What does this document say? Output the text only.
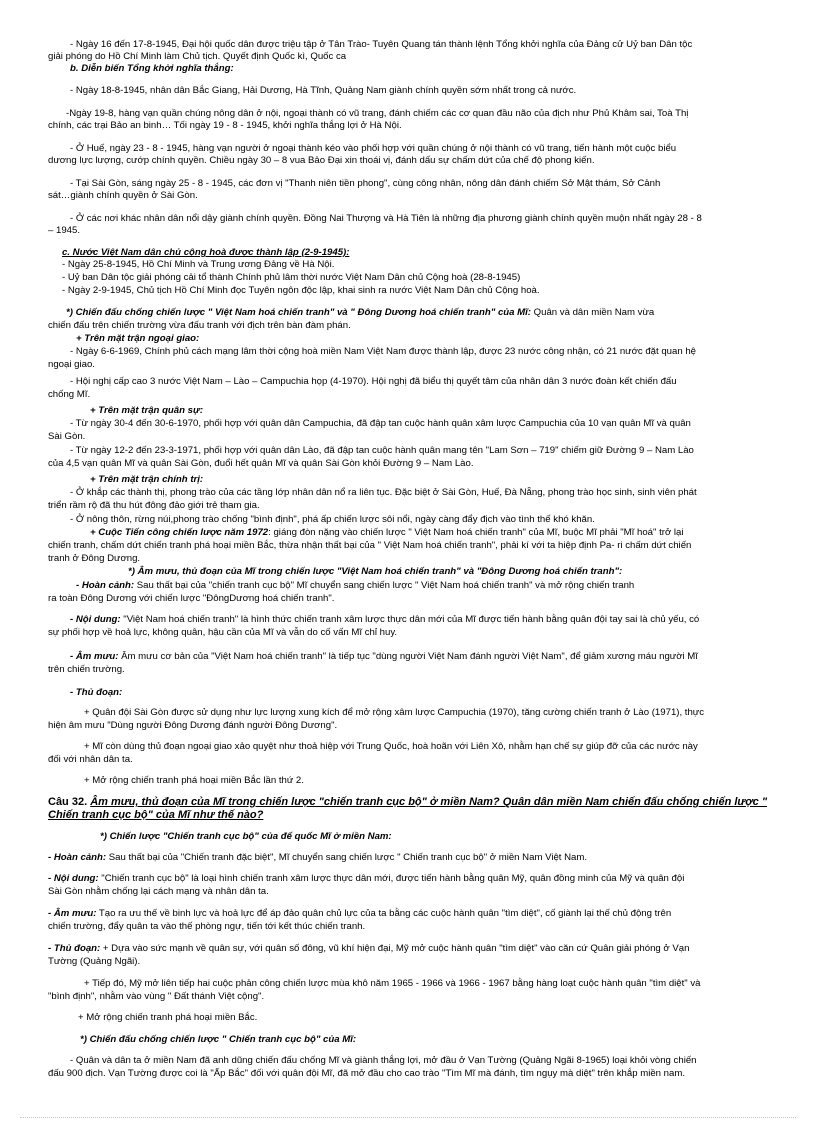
- Ngày 16 đến 17-8-1945, Đại hội quốc dân được triệu tập ở Tân Trào- Tuyên Quang tán thành lệnh Tổng khởi nghĩa của Đảng cử Uỷ ban Dân tộc
giải phóng do Hồ Chí Minh làm Chủ tịch. Quyết định Quốc kì, Quốc ca
b. Diễn biến Tổng khởi nghĩa thắng:
- Ngày 18-8-1945, nhân dân Bắc Giang, Hải Dương, Hà Tĩnh, Quảng Nam giành chính quyền sớm nhất trong cả nước.
-Ngày 19-8, hàng vạn quần chúng nông dân ở nội, ngoại thành có vũ trang, đánh chiếm các cơ quan đầu não của địch như Phủ Khâm sai, Toà Thị
chính, các trại Bảo an binh… Tối ngày 19 - 8 - 1945, khởi nghĩa thắng lợi ở Hà Nội.
- Ở Huế, ngày 23 - 8 - 1945, hàng vạn người ở ngoại thành kéo vào phối hợp với quần chúng ở nội thành có vũ trang, tiến hành một cuộc biểu
dương lực lượng, cướp chính quyền. Chiều ngày 30 – 8 vua Bảo Đại xin thoái vị, đánh dấu sự chấm dứt của chế độ phong kiến.
- Tại Sài Gòn, sáng ngày 25 - 8 - 1945, các đơn vị "Thanh niên tiền phong", cùng công nhân, nông dân đánh chiếm Sở Mật thám, Sở Cảnh
sát…giành chính quyền ở Sài Gòn.
- Ở các nơi khác nhân dân nổi dậy giành chính quyền. Đồng Nai Thượng và Hà Tiên là những địa phương giành chính quyền muộn nhất ngày 28 - 8
– 1945.
c. Nước Việt Nam dân chủ cộng hoà được thành lập (2-9-1945):
- Ngày 25-8-1945, Hồ Chí Minh và Trung ương Đảng về Hà Nội.
- Uỷ ban Dân tộc giải phóng cải tổ thành Chính phủ lâm thời nước Việt Nam Dân chủ Cộng hoà (28-8-1945)
- Ngày 2-9-1945, Chủ tịch Hồ Chí Minh đọc Tuyên ngôn độc lập, khai sinh ra nước Việt Nam Dân chủ Cộng hoà.
*) Chiến đấu chống chiến lược " Việt Nam hoá chiến tranh" và " Đông Dương hoá chiến tranh" của Mĩ: Quân và dân miền Nam vừa
chiến đấu trên chiến trường vừa đấu tranh với địch trên bàn đàm phán.
+ Trên mặt trận ngoại giao:
- Ngày 6-6-1969, Chính phủ cách mạng lâm thời cộng hoà miền Nam Việt Nam được thành lập, được 23 nước công nhận, có 21 nước đặt quan hệ
ngoại giao.
- Hội nghị cấp cao 3 nước Việt Nam – Lào – Campuchia họp (4-1970). Hội nghị đã biểu thị quyết tâm của nhân dân 3 nước đoàn kết chiến đấu
chống Mĩ.
+ Trên mặt trận quân sự:
- Từ ngày 30-4 đến 30-6-1970, phối hợp với quân dân Campuchia, đã đập tan cuộc hành quân xâm lược Campuchia của 10 vạn quân Mĩ và quân
Sài Gòn.
- Từ ngày 12-2 đến 23-3-1971, phối hợp với quân dân Lào, đã đập tan cuộc hành quân mang tên "Lam Sơn – 719" chiếm giữ Đường 9 – Nam Lào
của 4,5 vạn quân Mĩ và quân Sài Gòn, đuổi hết quân Mĩ và quân Sài Gòn khỏi Đường 9 – Nam Lào.
+ Trên mặt trận chính trị:
- Ở khắp các thành thị, phong trào của các tầng lớp nhân dân nổ ra liên tục. Đặc biệt ở Sài Gòn, Huế, Đà Nẵng, phong trào học sinh, sinh viên phát
triển rầm rộ đã thu hút đông đảo giới trẻ tham gia.
- Ở nông thôn, rừng núi,phong trào chống "bình định", phá ấp chiến lược sôi nổi, ngày càng đẩy địch vào tình thế khó khăn.
+ Cuộc Tiến công chiến lược năm 1972: giáng đòn nặng vào chiến lược " Việt Nam hoá chiến tranh" của Mĩ, buộc Mĩ phải "Mĩ hoá" trở lại
chiến tranh, chấm dứt chiến tranh phá hoại miền Bắc, thừa nhận thất bại của " Việt Nam hoá chiến tranh", phải kí với ta hiệp định Pa- ri chấm dứt chiến
tranh ở Đông Dương.
*) Âm mưu, thủ đoạn của Mĩ trong chiến lược "Việt Nam hoá chiến tranh" và "Đông Dương hoá chiến tranh":
- Hoàn cảnh: Sau thất bại của "chiến tranh cục bộ" Mĩ chuyển sang chiến lược " Việt Nam hoá chiến tranh" và mở rộng chiến tranh
ra toàn Đông Dương với chiến lược "ĐôngDương hoá chiến tranh".
- Nội dung: "Việt Nam hoá chiến tranh" là hình thức chiến tranh xâm lược thực dân mới của Mĩ được tiến hành bằng quân đội tay sai là chủ yếu, có
sự phối hợp về hoả lực, không quân, hậu cần của Mĩ và vẫn do cố vấn Mĩ chỉ huy.
- Âm mưu: Âm mưu cơ bản của "Việt Nam hoá chiến tranh" là tiếp tục "dùng người Việt Nam đánh người Việt Nam", để giảm xương máu người Mĩ
trên chiến trường.
- Thủ đoạn:
+ Quân đội Sài Gòn được sử dụng như lực lượng xung kích để mở rộng xâm lược Campuchia (1970), tăng cường chiến tranh ở Lào (1971), thực
hiện âm mưu "Dùng người Đông Dương đánh người Đông Dương".
+ Mĩ còn dùng thủ đoạn ngoại giao xảo quyệt như thoả hiệp với Trung Quốc, hoà hoãn với Liên Xô, nhằm hạn chế sự giúp đỡ của các nước này
đối với nhân dân ta.
+ Mở rộng chiến tranh phá hoại miền Bắc lần thứ 2.
Câu 32. Âm mưu, thủ đoạn của Mĩ trong chiến lược "chiến tranh cục bộ" ở miền Nam? Quân dân miền Nam chiến đấu chống chiến lược "
Chiến tranh cục bộ" của Mĩ như thế nào?
*) Chiến lược "Chiến tranh cục bộ" của đế quốc Mĩ ở miền Nam:
- Hoàn cảnh: Sau thất bại của "Chiến tranh đặc biệt", Mĩ chuyển sang chiến lược " Chiến tranh cục bộ" ở miền Nam Việt Nam.
- Nội dung: "Chiến tranh cục bộ" là loại hình chiến tranh xâm lược thực dân mới, được tiến hành bằng quân Mỹ, quân đồng minh của Mỹ và quân đội
Sài Gòn nhằm chống lại cách mạng và nhân dân ta.
- Âm mưu: Tạo ra ưu thế về binh lực và hoả lực để áp đảo quân chủ lực của ta bằng các cuộc hành quân "tìm diệt", cố giành lại thế chủ động trên
chiến trường, đẩy quân ta vào thế phòng ngự, tiến tới kết thúc chiến tranh.
- Thủ đoạn: + Dựa vào sức mạnh về quân sự, với quân số đông, vũ khí hiện đại, Mỹ mở cuộc hành quân "tìm diệt" vào căn cứ Quân giải phóng ở Vạn
Tường (Quảng Ngãi).
+ Tiếp đó, Mỹ mở liên tiếp hai cuộc phản công chiến lược mùa khô năm 1965 - 1966 và 1966 - 1967 bằng hàng loạt cuộc hành quân "tìm diệt" và
"bình định", nhằm vào vùng " Đất thánh Việt cộng".
+ Mở rộng chiến tranh phá hoại miền Bắc.
*) Chiến đấu chống chiến lược " Chiến tranh cục bộ" của Mĩ:
- Quân và dân ta ở miền Nam đã anh dũng chiến đấu chống Mĩ và giành thắng lợi, mở đầu ở Vạn Tường (Quảng Ngãi 8-1965) loại khỏi vòng chiến
đấu 900 địch. Vạn Tường được coi là "Ấp Bắc" đối với quân đội Mĩ, đã mở đầu cho cao trào "Tìm Mĩ mà đánh, tìm ngụy mà diệt" trên khắp miền nam.
